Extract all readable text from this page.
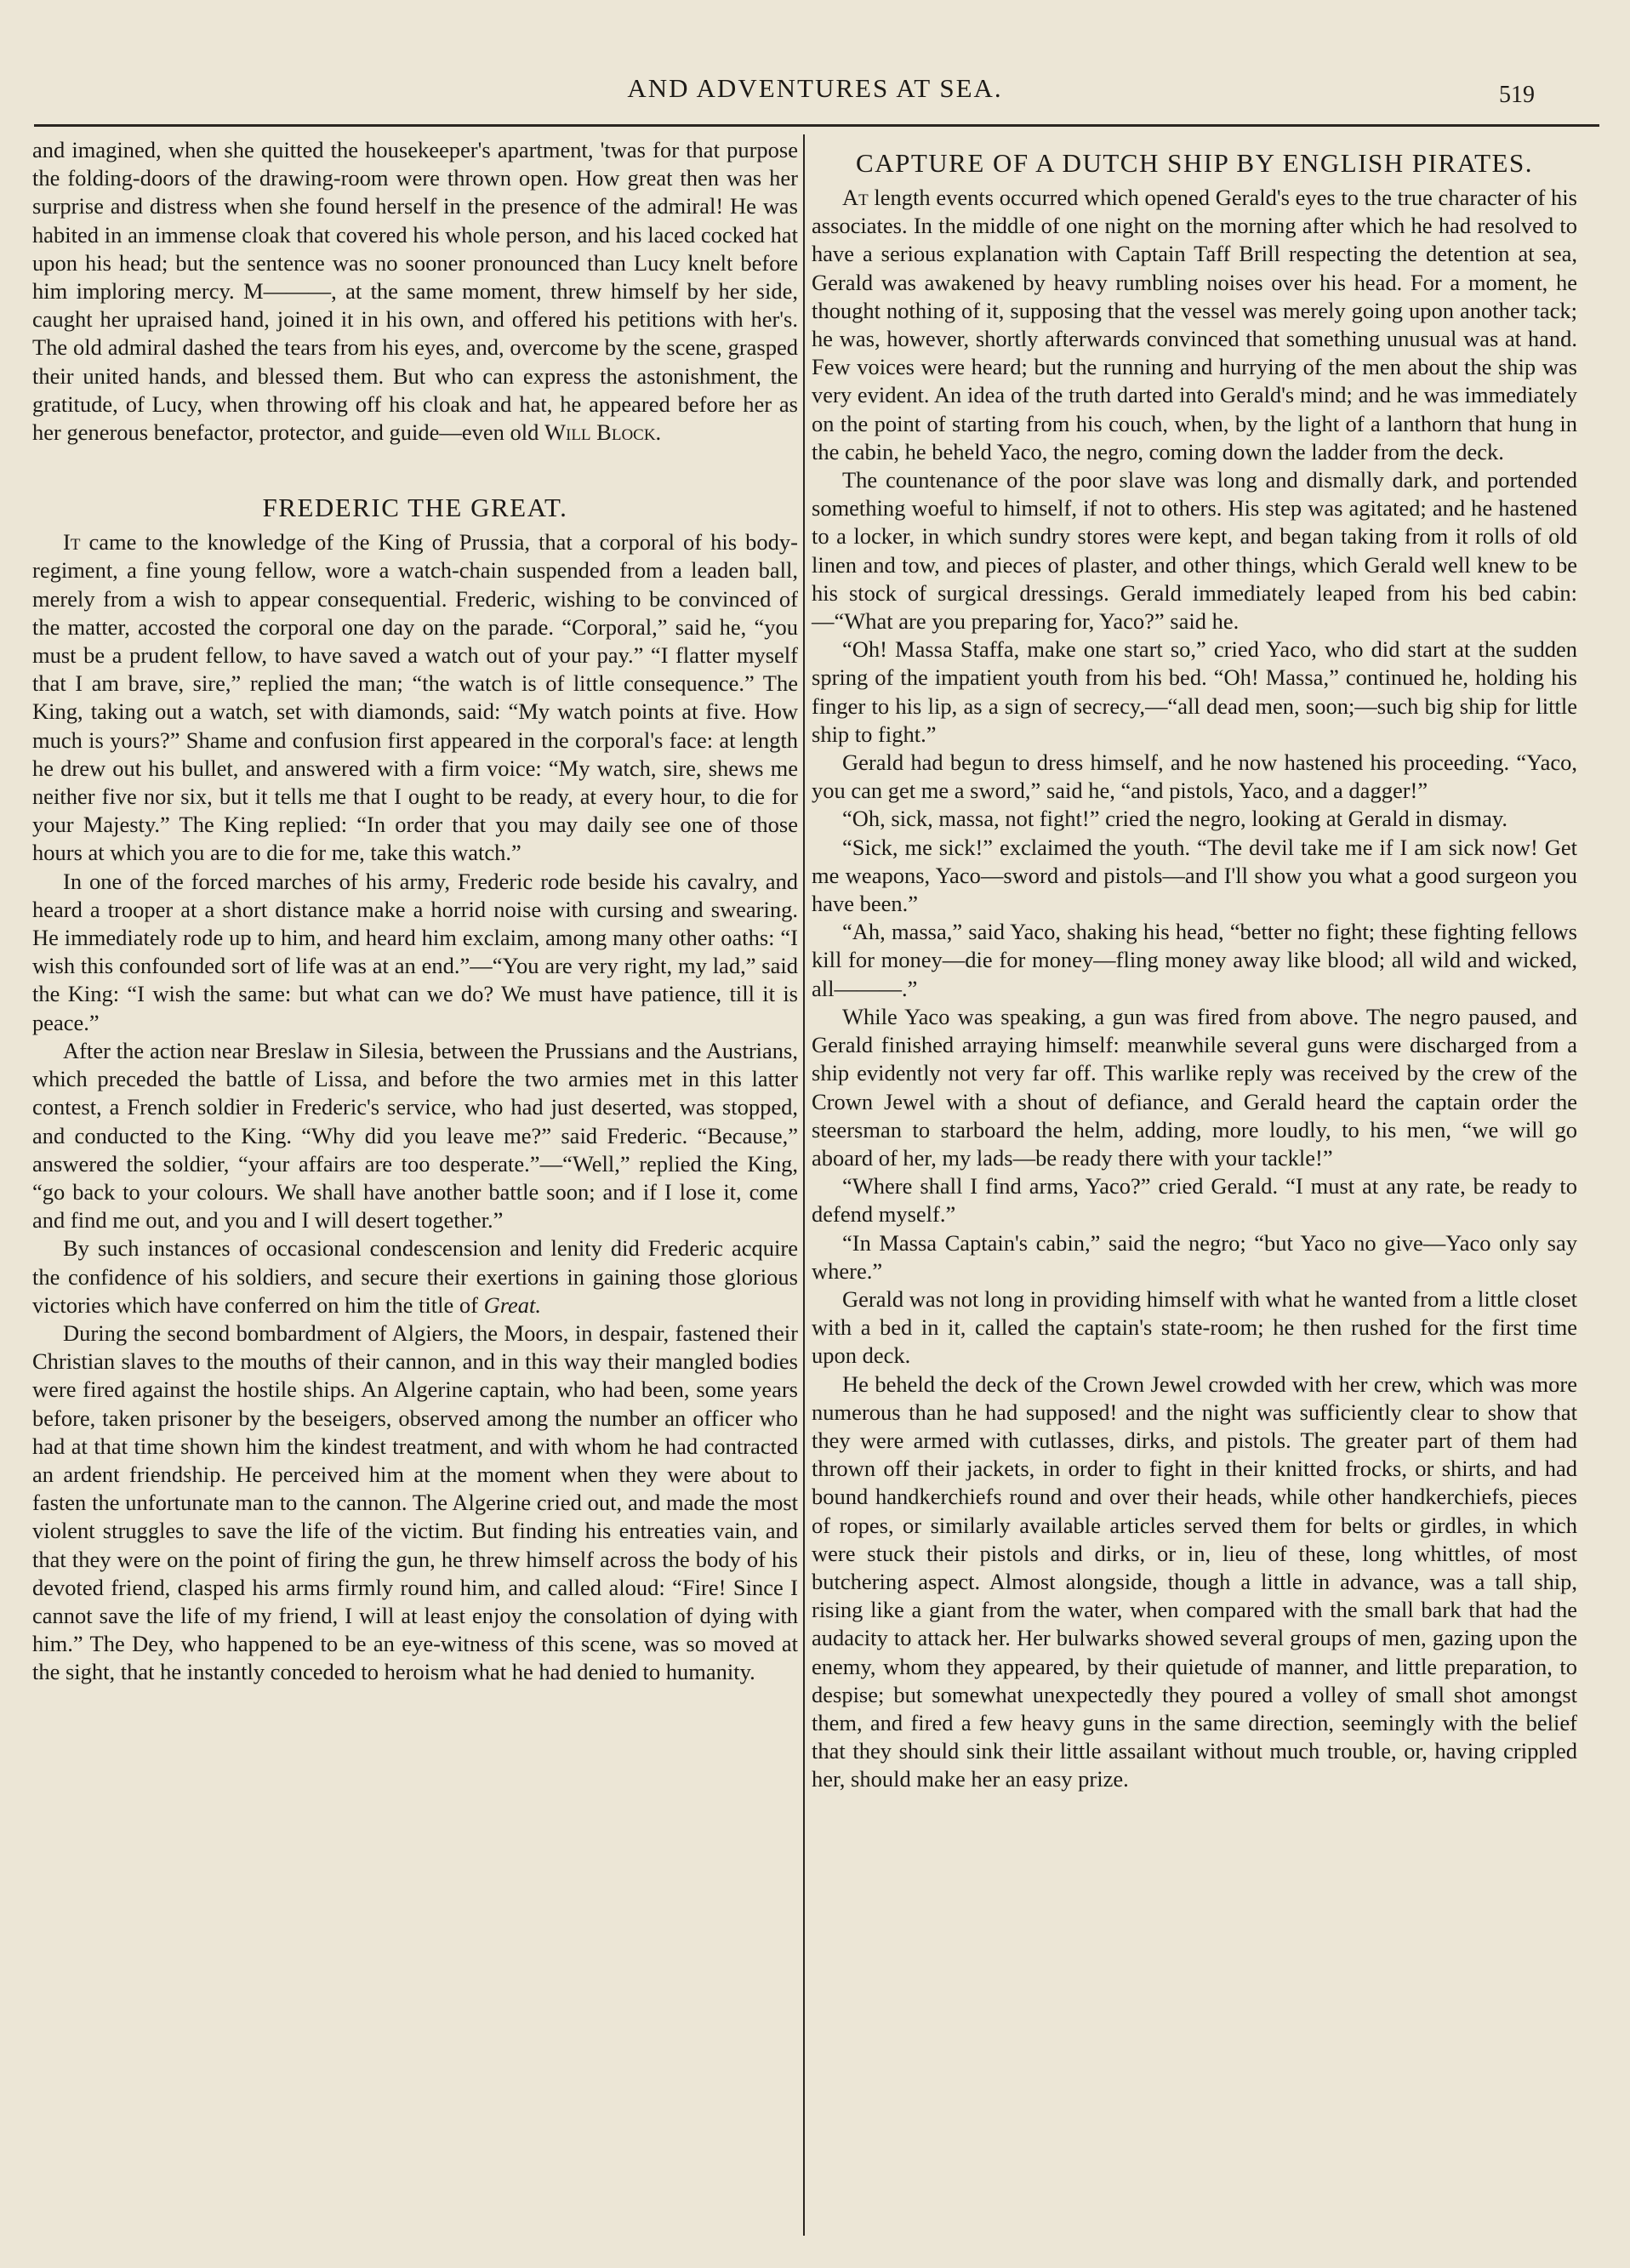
AND ADVENTURES AT SEA.	519

and imagined, when she quitted the housekeeper's apartment, 'twas for that purpose the folding-doors of the drawing-room were thrown open. How great then was her surprise and distress when she found herself in the presence of the admiral! He was habited in an immense cloak that covered his whole person, and his laced cocked hat upon his head; but the sentence was no sooner pronounced than Lucy knelt before him imploring mercy. M———, at the same moment, threw himself by her side, caught her upraised hand, joined it in his own, and offered his petitions with her's. The old admiral dashed the tears from his eyes, and, overcome by the scene, grasped their united hands, and blessed them. But who can express the astonishment, the gratitude, of Lucy, when throwing off his cloak and hat, he appeared before her as her generous benefactor, protector, and guide—even old Will Block.

FREDERIC THE GREAT.

It came to the knowledge of the King of Prussia, that a corporal of his body-regiment, a fine young fellow, wore a watch-chain suspended from a leaden ball, merely from a wish to appear consequential. Frederic, wishing to be convinced of the matter, accosted the corporal one day on the parade. “Corporal,” said he, “you must be a prudent fellow, to have saved a watch out of your pay.” “I flatter myself that I am brave, sire,” replied the man; “the watch is of little consequence.” The King, taking out a watch, set with diamonds, said: “My watch points at five. How much is yours?” Shame and confusion first appeared in the corporal's face: at length he drew out his bullet, and answered with a firm voice: “My watch, sire, shews me neither five nor six, but it tells me that I ought to be ready, at every hour, to die for your Majesty.” The King replied: “In order that you may daily see one of those hours at which you are to die for me, take this watch.”

In one of the forced marches of his army, Frederic rode beside his cavalry, and heard a trooper at a short distance make a horrid noise with cursing and swearing. He immediately rode up to him, and heard him exclaim, among many other oaths: “I wish this confounded sort of life was at an end.”—“You are very right, my lad,” said the King: “I wish the same: but what can we do? We must have patience, till it is peace.”

After the action near Breslaw in Silesia, between the Prussians and the Austrians, which preceded the battle of Lissa, and before the two armies met in this latter contest, a French soldier in Frederic's service, who had just deserted, was stopped, and conducted to the King. “Why did you leave me?” said Frederic. “Because,” answered the soldier, “your affairs are too desperate.”—“Well,” replied the King, “go back to your colours. We shall have another battle soon; and if I lose it, come and find me out, and you and I will desert together.”

By such instances of occasional condescension and lenity did Frederic acquire the confidence of his soldiers, and secure their exertions in gaining those glorious victories which have conferred on him the title of Great.

During the second bombardment of Algiers, the Moors, in despair, fastened their Christian slaves to the mouths of their cannon, and in this way their mangled bodies were fired against the hostile ships. An Algerine captain, who had been, some years before, taken prisoner by the beseigers, observed among the number an officer who had at that time shown him the kindest treatment, and with whom he had contracted an ardent friendship. He perceived him at the moment when they were about to fasten the unfortunate man to the cannon. The Algerine cried out, and made the most violent struggles to save the life of the victim. But finding his entreaties vain, and that they were on the point of firing the gun, he threw himself across the body of his devoted friend, clasped his arms firmly round him, and called aloud: “Fire! Since I cannot save the life of my friend, I will at least enjoy the consolation of dying with him.” The Dey, who happened to be an eye-witness of this scene, was so moved at the sight, that he instantly conceded to heroism what he had denied to humanity.

CAPTURE OF A DUTCH SHIP BY ENGLISH PIRATES.

At length events occurred which opened Gerald's eyes to the true character of his associates. In the middle of one night on the morning after which he had resolved to have a serious explanation with Captain Taff Brill respecting the detention at sea, Gerald was awakened by heavy rumbling noises over his head. For a moment, he thought nothing of it, supposing that the vessel was merely going upon another tack; he was, however, shortly afterwards convinced that something unusual was at hand. Few voices were heard; but the running and hurrying of the men about the ship was very evident. An idea of the truth darted into Gerald's mind; and he was immediately on the point of starting from his couch, when, by the light of a lanthorn that hung in the cabin, he beheld Yaco, the negro, coming down the ladder from the deck.

The countenance of the poor slave was long and dismally dark, and portended something woeful to himself, if not to others. His step was agitated; and he hastened to a locker, in which sundry stores were kept, and began taking from it rolls of old linen and tow, and pieces of plaster, and other things, which Gerald well knew to be his stock of surgical dressings. Gerald immediately leaped from his bed cabin:—“What are you preparing for, Yaco?” said he.

“Oh! Massa Staffa, make one start so,” cried Yaco, who did start at the sudden spring of the impatient youth from his bed. “Oh! Massa,” continued he, holding his finger to his lip, as a sign of secrecy,—“all dead men, soon;—such big ship for little ship to fight.”

Gerald had begun to dress himself, and he now hastened his proceeding. “Yaco, you can get me a sword,” said he, “and pistols, Yaco, and a dagger!”

“Oh, sick, massa, not fight!” cried the negro, looking at Gerald in dismay.

“Sick, me sick!” exclaimed the youth. “The devil take me if I am sick now! Get me weapons, Yaco—sword and pistols—and I'll show you what a good surgeon you have been.”

“Ah, massa,” said Yaco, shaking his head, “better no fight; these fighting fellows kill for money—die for money—fling money away like blood; all wild and wicked, all———.”

While Yaco was speaking, a gun was fired from above. The negro paused, and Gerald finished arraying himself: meanwhile several guns were discharged from a ship evidently not very far off. This warlike reply was received by the crew of the Crown Jewel with a shout of defiance, and Gerald heard the captain order the steersman to starboard the helm, adding, more loudly, to his men, “we will go aboard of her, my lads—be ready there with your tackle!”

“Where shall I find arms, Yaco?” cried Gerald. “I must at any rate, be ready to defend myself.”

“In Massa Captain's cabin,” said the negro; “but Yaco no give—Yaco only say where.”

Gerald was not long in providing himself with what he wanted from a little closet with a bed in it, called the captain's state-room; he then rushed for the first time upon deck.

He beheld the deck of the Crown Jewel crowded with her crew, which was more numerous than he had supposed! and the night was sufficiently clear to show that they were armed with cutlasses, dirks, and pistols. The greater part of them had thrown off their jackets, in order to fight in their knitted frocks, or shirts, and had bound handkerchiefs round and over their heads, while other handkerchiefs, pieces of ropes, or similarly available articles served them for belts or girdles, in which were stuck their pistols and dirks, or in, lieu of these, long whittles, of most butchering aspect. Almost alongside, though a little in advance, was a tall ship, rising like a giant from the water, when compared with the small bark that had the audacity to attack her. Her bulwarks showed several groups of men, gazing upon the enemy, whom they appeared, by their quietude of manner, and little preparation, to despise; but somewhat unexpectedly they poured a volley of small shot amongst them, and fired a few heavy guns in the same direction, seemingly with the belief that they should sink their little assailant without much trouble, or, having crippled her, should make her an easy prize.
